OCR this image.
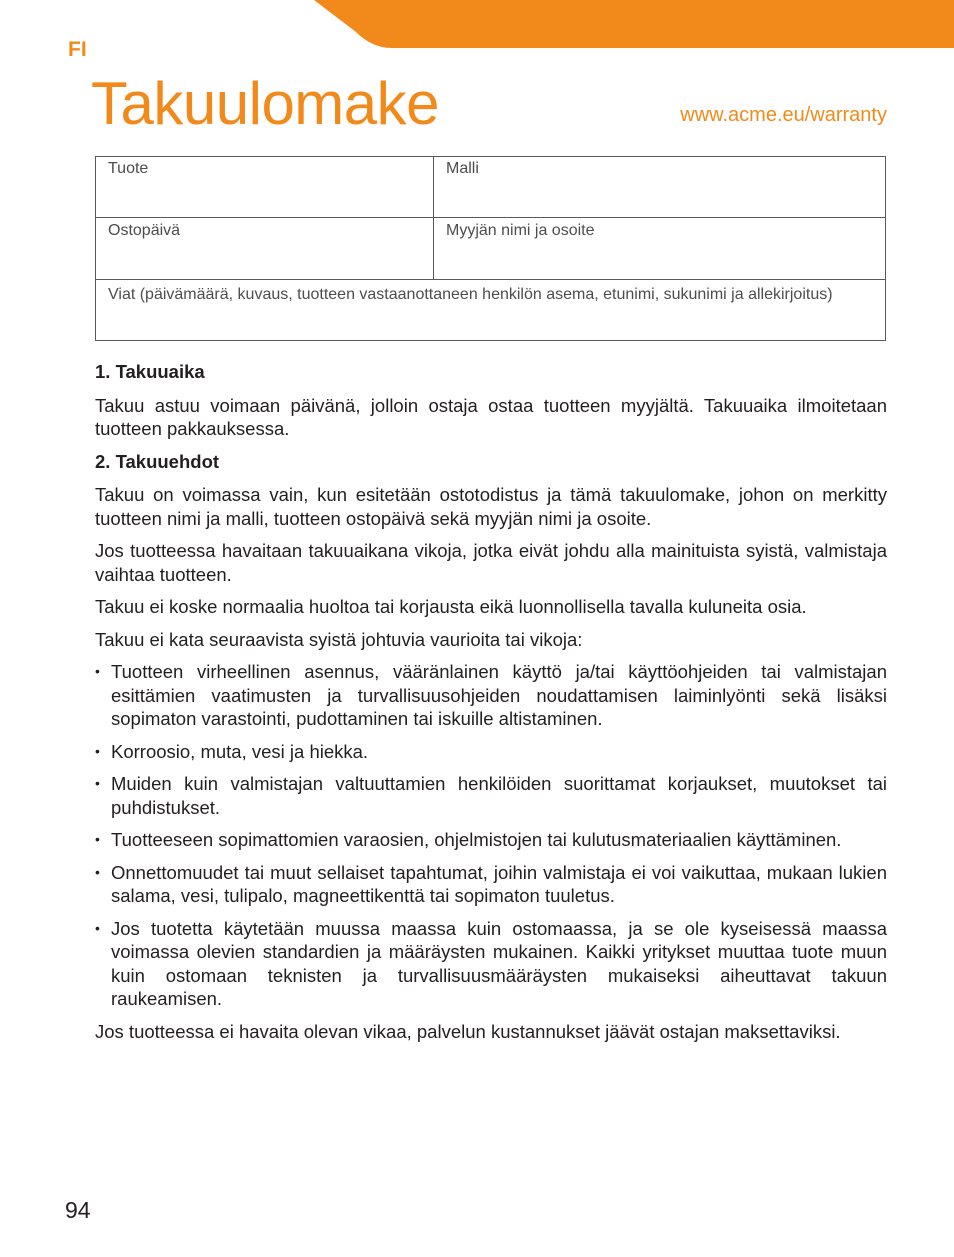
FI
Takuulomake	www.acme.eu/warranty
Tuote	Malli
Ostopäivä	Myyjän nimi ja osoite
Viat (päivämäärä, kuvaus, tuotteen vastaanottaneen henkilön asema, etunimi, sukunimi ja allekirjoitus)
1. Takuuaika

Takuu astuu voimaan päivänä, jolloin ostaja ostaa tuotteen myyjältä. Takuuaika ilmoitetaan tuotteen pakkauksessa.

2. Takuuehdot

Takuu on voimassa vain, kun esitetään ostotodistus ja tämä takuulomake, johon on merkitty tuotteen nimi ja malli, tuotteen ostopäivä sekä myyjän nimi ja osoite.

Jos tuotteessa havaitaan takuuaikana vikoja, jotka eivät johdu alla mainituista syistä, valmistaja vaihtaa tuotteen.

Takuu ei koske normaalia huoltoa tai korjausta eikä luonnollisella tavalla kuluneita osia.

Takuu ei kata seuraavista syistä johtuvia vaurioita tai vikoja:

• Tuotteen virheellinen asennus, vääränlainen käyttö ja/tai käyttöohjeiden tai valmistajan esittämien vaatimusten ja turvallisuusohjeiden noudattamisen laiminlyönti sekä lisäksi sopimaton varastointi, pudottaminen tai iskuille altistaminen.
• Korroosio, muta, vesi ja hiekka.
• Muiden kuin valmistajan valtuuttamien henkilöiden suorittamat korjaukset, muutokset tai puhdistukset.
• Tuotteeseen sopimattomien varaosien, ohjelmistojen tai kulutusmateriaalien käyttäminen.
• Onnettomuudet tai muut sellaiset tapahtumat, joihin valmistaja ei voi vaikuttaa, mukaan lukien salama, vesi, tulipalo, magneettikenttä tai sopimaton tuuletus.
• Jos tuotetta käytetään muussa maassa kuin ostomaassa, ja se ole kyseisessä maassa voimassa olevien standardien ja määräysten mukainen. Kaikki yritykset muuttaa tuote muun kuin ostomaan teknisten ja turvallisuusmääräysten mukaiseksi aiheuttavat takuun raukeamisen.

Jos tuotteessa ei havaita olevan vikaa, palvelun kustannukset jäävät ostajan maksettaviksi.

94
